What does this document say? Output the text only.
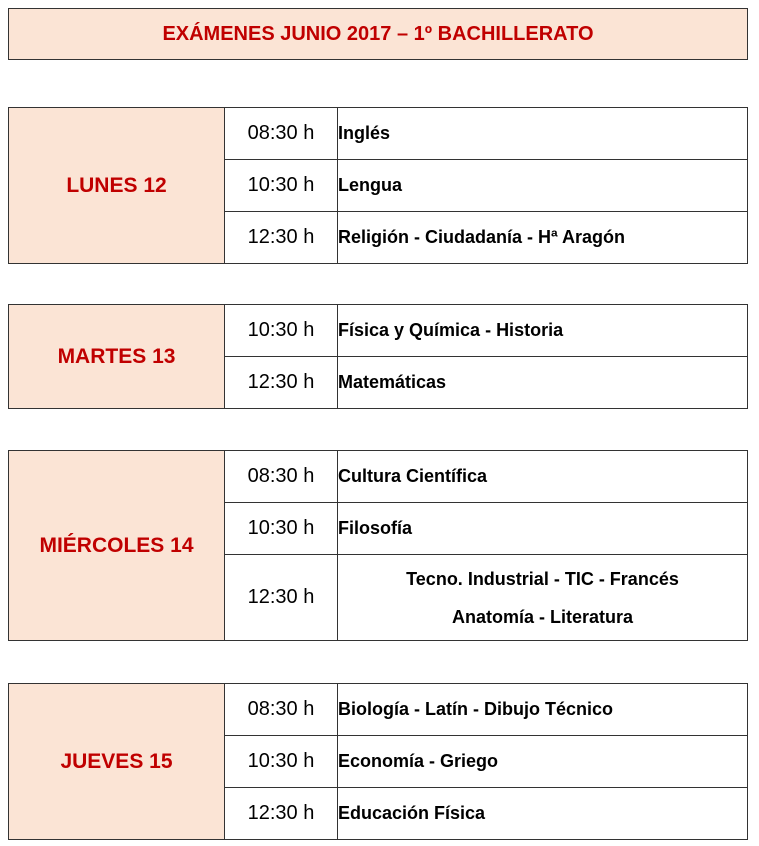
EXÁMENES JUNIO 2017 – 1º BACHILLERATO
LUNES 12	08:30 h	Inglés
	10:30 h	Lengua
	12:30 h	Religión - Ciudadanía - Hª Aragón
MARTES 13	10:30 h	Física y Química - Historia
	12:30 h	Matemáticas
MIÉRCOLES 14	08:30 h	Cultura Científica
	10:30 h	Filosofía
	12:30 h	Tecno. Industrial - TIC - Francés
Anatomía - Literatura
JUEVES 15	08:30 h	Biología - Latín - Dibujo Técnico
	10:30 h	Economía - Griego
	12:30 h	Educación Física
